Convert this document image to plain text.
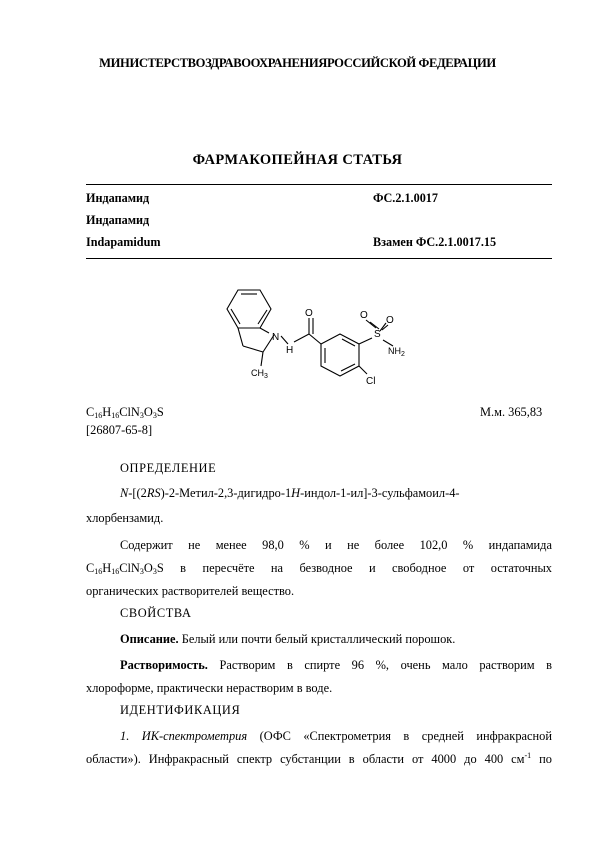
МИНИСТЕРСТВОЗДРАВООХРАНЕНИЯРОССИЙСКОЙ ФЕДЕРАЦИИ
ФАРМАКОПЕЙНАЯ СТАТЬЯ
Индапамид	ФС.2.1.0017
Индапамид
Indapamidum	Взамен ФС.2.1.0017.15
N
H
O
S
O O
$NH_2$
$CH_3$	Cl
$C_{16}H_{16}ClN_3O_3S$	М.м. 365,83
[26807-65-8]
ОПРЕДЕЛЕНИЕ
N-[(2RS)-2-Метил-2,3-дигидро-1H-индол-1-ил]-3-сульфамоил-4-
хлорбензамид.
Содержит не менее 98,0 % и не более 102,0 % индапамида
$C_{16}H_{16}ClN_3O_3S$ в пересчёте на безводное и свободное от остаточных
органических растворителей вещество.
СВОЙСТВА
Описание. Белый или почти белый кристаллический порошок.
Растворимость. Растворим в спирте 96 %, очень мало растворим в
хлороформе, практически нерастворим в воде.
ИДЕНТИФИКАЦИЯ
1. ИК-спектрометрия (ОФС «Спектрометрия в средней инфракрасной
области»). Инфракрасный спектр субстанции в области от 4000 до 400 $см^{-1}$ по
